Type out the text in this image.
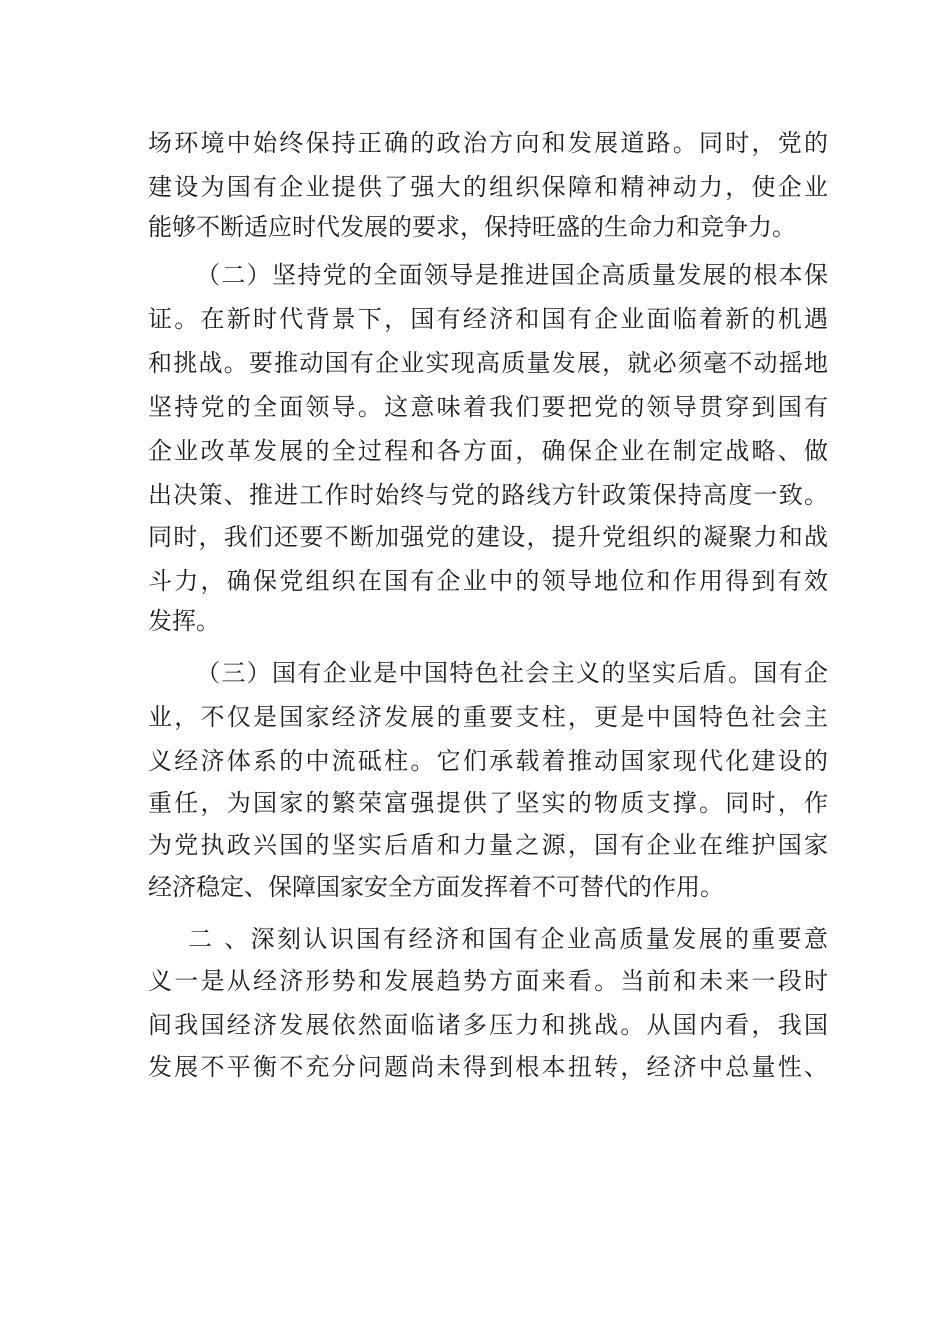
场环境中始终保持正确的政治方向和发展道路。同时，党的
建设为国有企业提供了强大的组织保障和精神动力，使企业
能够不断适应时代发展的要求，保持旺盛的生命力和竞争力。
（二）坚持党的全面领导是推进国企高质量发展的根本保
证。在新时代背景下，国有经济和国有企业面临着新的机遇
和挑战。要推动国有企业实现高质量发展，就必须毫不动摇地
坚持党的全面领导。这意味着我们要把党的领导贯穿到国有
企业改革发展的全过程和各方面，确保企业在制定战略、做
出决策、推进工作时始终与党的路线方针政策保持高度一致。
同时，我们还要不断加强党的建设，提升党组织的凝聚力和战
斗力，确保党组织在国有企业中的领导地位和作用得到有效
发挥。
（三）国有企业是中国特色社会主义的坚实后盾。国有企
业，不仅是国家经济发展的重要支柱，更是中国特色社会主
义经济体系的中流砥柱。它们承载着推动国家现代化建设的
重任，为国家的繁荣富强提供了坚实的物质支撑。同时，作
为党执政兴国的坚实后盾和力量之源，国有企业在维护国家
经济稳定、保障国家安全方面发挥着不可替代的作用。
二 、深刻认识国有经济和国有企业高质量发展的重要意
义一是从经济形势和发展趋势方面来看。当前和未来一段时
间我国经济发展依然面临诸多压力和挑战。从国内看，我国
发展不平衡不充分问题尚未得到根本扭转，经济中总量性、
